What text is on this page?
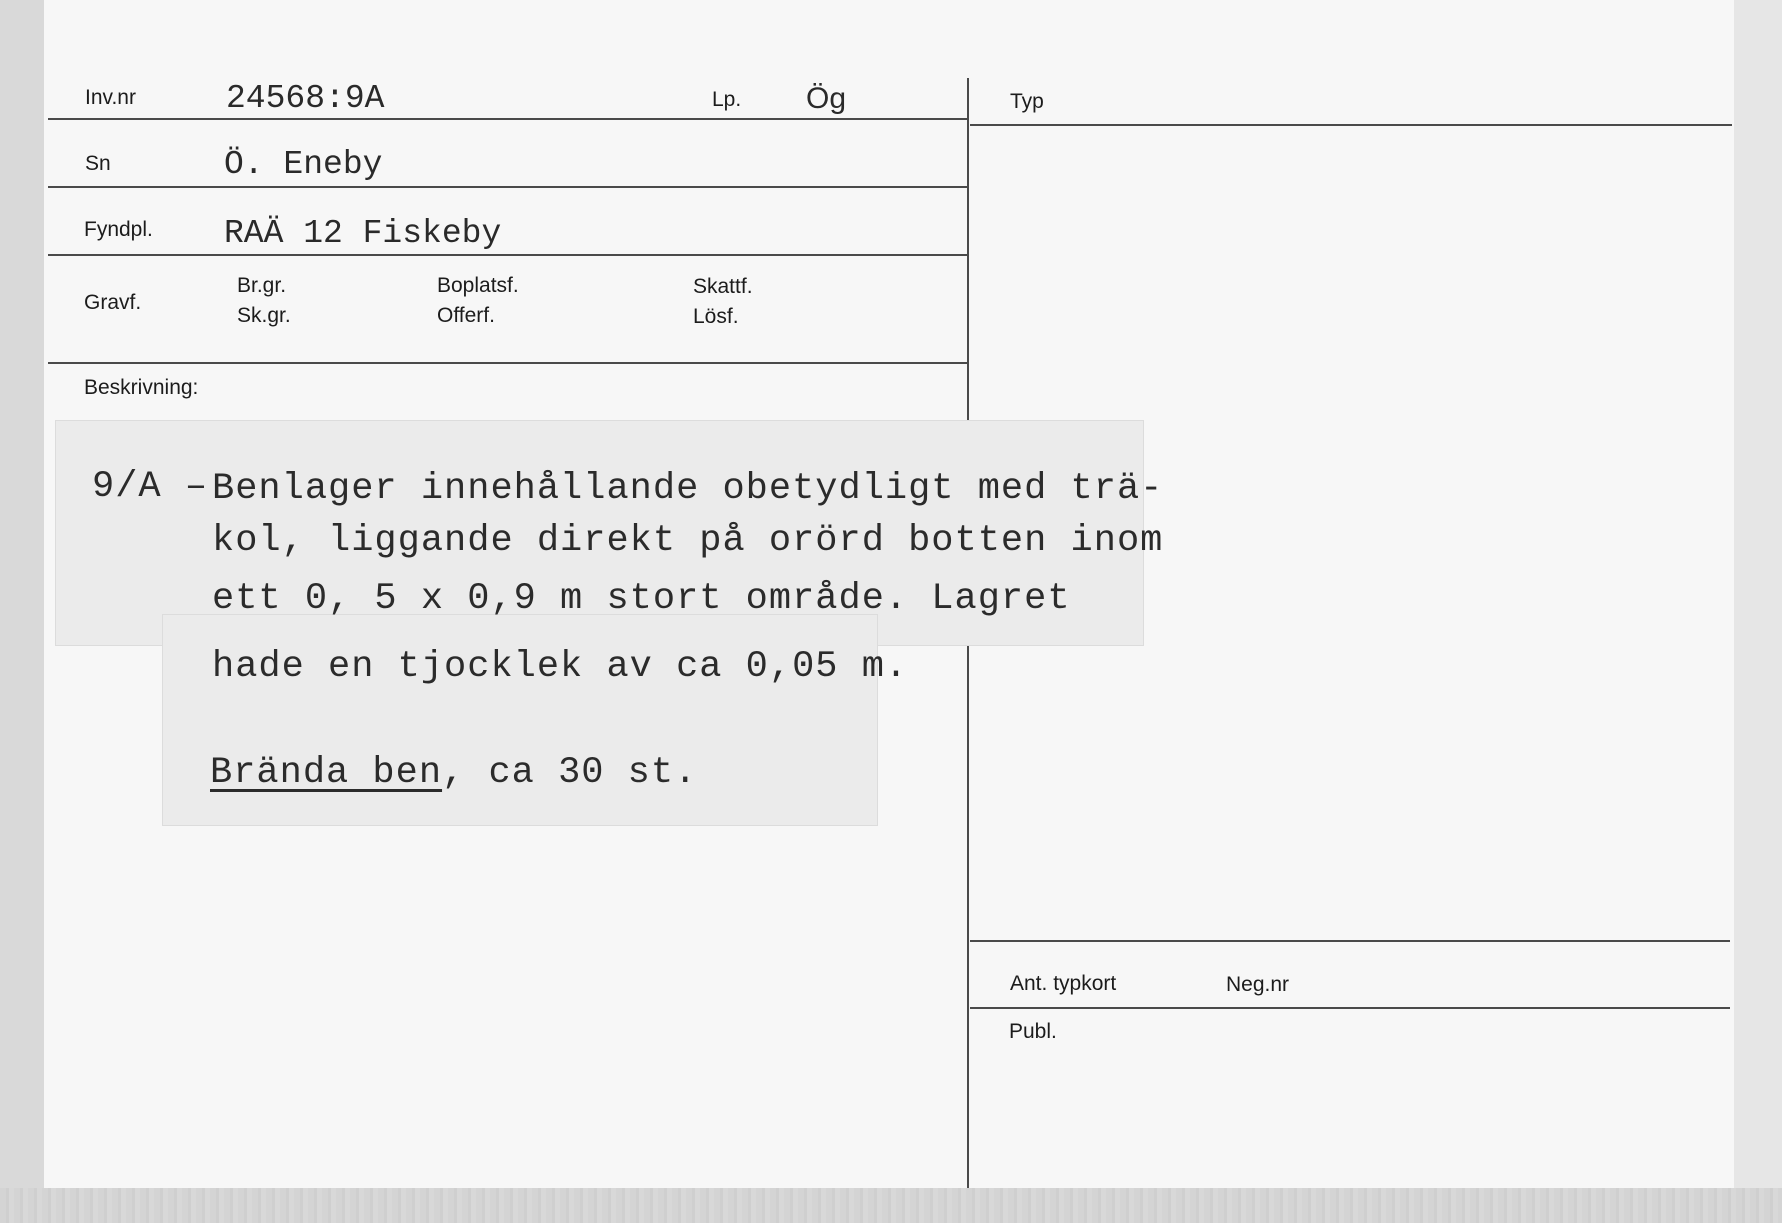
Inv.nr	24568:9A	Lp. Ög
Sn	Ö. Eneby
Fyndpl. RAÄ 12 Fiskeby
Gravf.
Br.gr.
Sk.gr.
Boplatsf.
Offerf.
Skattf.
Lösf.
Beskrivning:
Typ
Ant. typkort	Neg.nr
Publ.
9/A – Benlager innehållande obetydligt med trä-
kol, liggande direkt på orörd botten inom
ett 0, 5 x 0,9 m stort område. Lagret
hade en tjocklek av ca 0,05 m.
Brända ben, ca 30 st.
